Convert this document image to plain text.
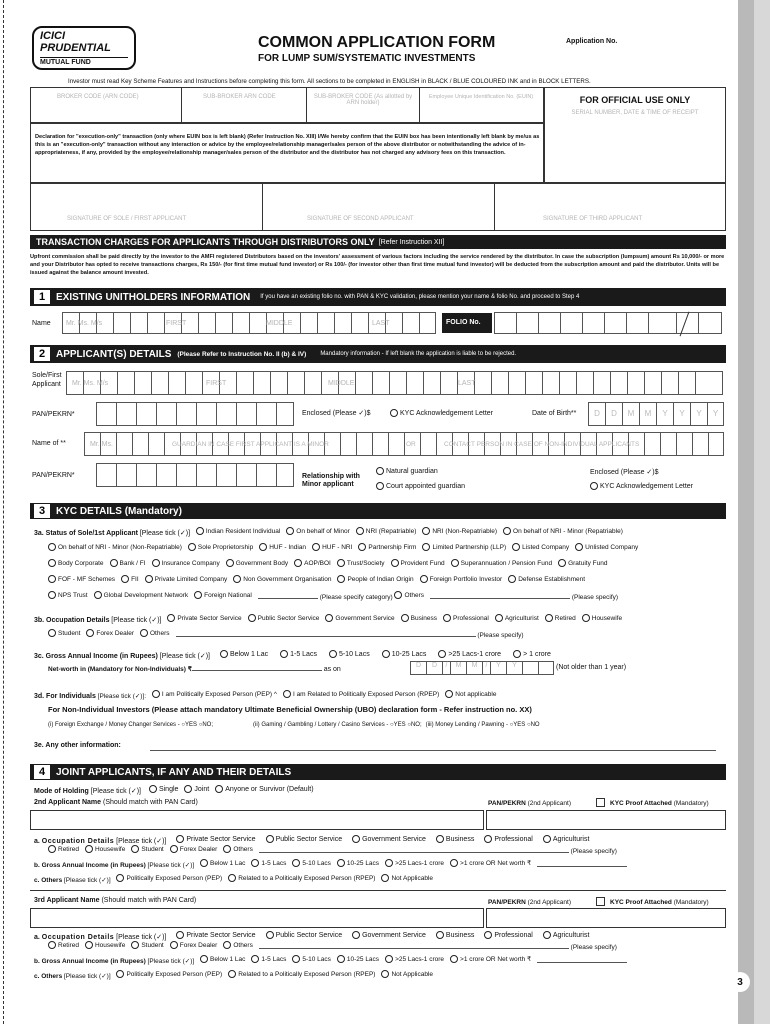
3
ICICI PRUDENTIAL
MUTUAL FUND
COMMON APPLICATION FORM
FOR LUMP SUM/SYSTEMATIC INVESTMENTS
Application No.
Investor must read Key Scheme Features and Instructions before completing this form. All sections to be completed in ENGLISH in BLACK / BLUE COLOURED INK and in BLOCK LETTERS.
BROKER CODE (ARN CODE)	SUB-BROKER ARN CODE	SUB-BROKER CODE (As allotted by ARN holder)
Employee Unique Identification No. (EUIN)	FOR OFFICIAL USE ONLY
SERIAL NUMBER, DATE & TIME OF RECEIPT
Declaration for "execution-only" transaction (only where EUIN box is left blank) (Refer Instruction No. XIII) I/We hereby confirm that the EUIN box has been intentionally left blank by me/us as this is an "execution-only" transaction without any interaction or advice by the employee/relationship manager/sales person of the above distributor or notwithstanding the advice of in-appropriateness, if any, provided by the employee/relationship manager/sales person of the distributor and the distributor has not charged any advisory fees on this transaction.
SIGNATURE OF SOLE / FIRST APPLICANT	SIGNATURE OF SECOND APPLICANT	SIGNATURE OF THIRD APPLICANT
TRANSACTION CHARGES FOR APPLICANTS THROUGH DISTRIBUTORS ONLY [Refer Instruction XII]
Upfront commission shall be paid directly by the investor to the AMFI registered Distributors based on the investors' assessment of various factors including the service rendered by the distributor. In case the subscription (lumpsum) amount Rs 10,000/- or more and your Distributor has opted to receive transactions charges, Rs 150/- (for first time mutual fund investor) or Rs 100/- (for investor other than first time mutual fund investor) will be deducted from the subscription amount and paid the distributor. Units will be issued against the balance amount invested.
1	EXISTING UNITHOLDERS INFORMATION If you have an existing folio no. with PAN & KYC validation, please mention your name & folio No. and proceed to Step 4
Name Mr. Ms. M/s	FIRST	MIDDLE	LAST	FOLIO No.
2	APPLICANT(S) DETAILS (Please Refer to Instruction No. II (b) & IV) Mandatory information - If left blank the application is liable to be rejected.
Sole/First Applicant	Mr. Ms. M/s	FIRST	MIDDLE	LAST
PAN/PEKRN*	Enclosed (Please ✓)$	KYC Acknowledgement Letter	Date of Birth**	D	D	M	M	Y	Y	Y	Y
Name of **	Mr. Ms.	GUARDIAN IN CASE FIRST APPLICANT IS A MINOR	OR	CONTACT PERSON IN CASE OF NON-INDIVIDUAL APPLICANTS
PAN/PEKRN*	Relationship with Minor applicant
Natural guardian
Court appointed guardian
Enclosed (Please ✓)$
KYC Acknowledgement Letter
3	KYC DETAILS (Mandatory)
3a. Status of Sole/1st Applicant [Please tick (✓)] Indian Resident Individual On behalf of Minor NRI (Repatriable) NRI (Non-Repatriable) On behalf of NRI - Minor (Repatriable)
On behalf of NRI - Minor (Non-Repatriable) Sole Proprietorship HUF - Indian HUF - NRI Partnership Firm Limited Partnership (LLP) Listed Company Unlisted Company
Body Corporate Bank / FI Insurance Company Government Body AOP/BOI Trust/Society Provident Fund Superannuation / Pension Fund Gratuity Fund
FOF - MF Schemes FII Private Limited Company Non Government Organisation People of Indian Origin Foreign Portfolio Investor Defense Establishment
NPS Trust Global Development Network Foreign National	(Please specify category) Others	(Please specify)
3b. Occupation Details [Please tick (✓)] Private Sector Service Public Sector Service Government Service Business Professional Agriculturist Retired Housewife
Student Forex Dealer Others	(Please specify)
3c. Gross Annual Income (in Rupees) [Please tick (✓)]	Below 1 Lac	1-5 Lacs	5-10 Lacs	10-25 Lacs	>25 Lacs-1 crore	> 1 crore
Net-worth in (Mandatory for Non-Individuals) ₹	as on
D	D	/	M	M	/	Y	Y	(Not older than 1 year)
3d. For Individuals [Please tick (✓)]: I am Politically Exposed Person (PEP) ^ I am Related to Politically Exposed Person (RPEP) Not applicable
For Non-Individual Investors (Please attach mandatory Ultimate Beneficial Ownership (UBO) declaration form - Refer instruction no. XX)
(i) Foreign Exchange / Money Changer Services - ○YES ○NO;	(ii) Gaming / Gambling / Lottery / Casino Services - ○YES ○NO; (iii) Money Lending / Pawning - ○YES ○NO
3e. Any other information:
4	JOINT APPLICANTS, IF ANY AND THEIR DETAILS
Mode of Holding [Please tick (✓)]	Single Joint Anyone or Survivor (Default)
2nd Applicant Name (Should match with PAN Card)	PAN/PEKRN (2nd Applicant)	KYC Proof Attached (Mandatory)
a. Occupation Details [Please tick (✓)]	Private Sector Service	Public Sector Service	Government Service	Business	Professional	Agriculturist
Retired Housewife Student Forex Dealer Others	(Please specify)
b. Gross Annual Income (in Rupees) [Please tick (✓)] Below 1 Lac 1-5 Lacs 5-10 Lacs 10-25 Lacs >25 Lacs-1 crore >1 crore OR Net worth ₹
c. Others [Please tick (✓)] Politically Exposed Person (PEP) Related to a Politically Exposed Person (RPEP) Not Applicable
3rd Applicant Name (Should match with PAN Card)	PAN/PEKRN (2nd Applicant)	KYC Proof Attached (Mandatory)
a. Occupation Details [Please tick (✓)]	Private Sector Service	Public Sector Service	Government Service	Business	Professional	Agriculturist
Retired Housewife Student Forex Dealer Others	(Please specify)
b. Gross Annual Income (in Rupees) [Please tick (✓)] Below 1 Lac 1-5 Lacs 5-10 Lacs 10-25 Lacs >25 Lacs-1 crore >1 crore OR Net worth ₹
c. Others [Please tick (✓)] Politically Exposed Person (PEP) Related to a Politically Exposed Person (RPEP) Not Applicable
